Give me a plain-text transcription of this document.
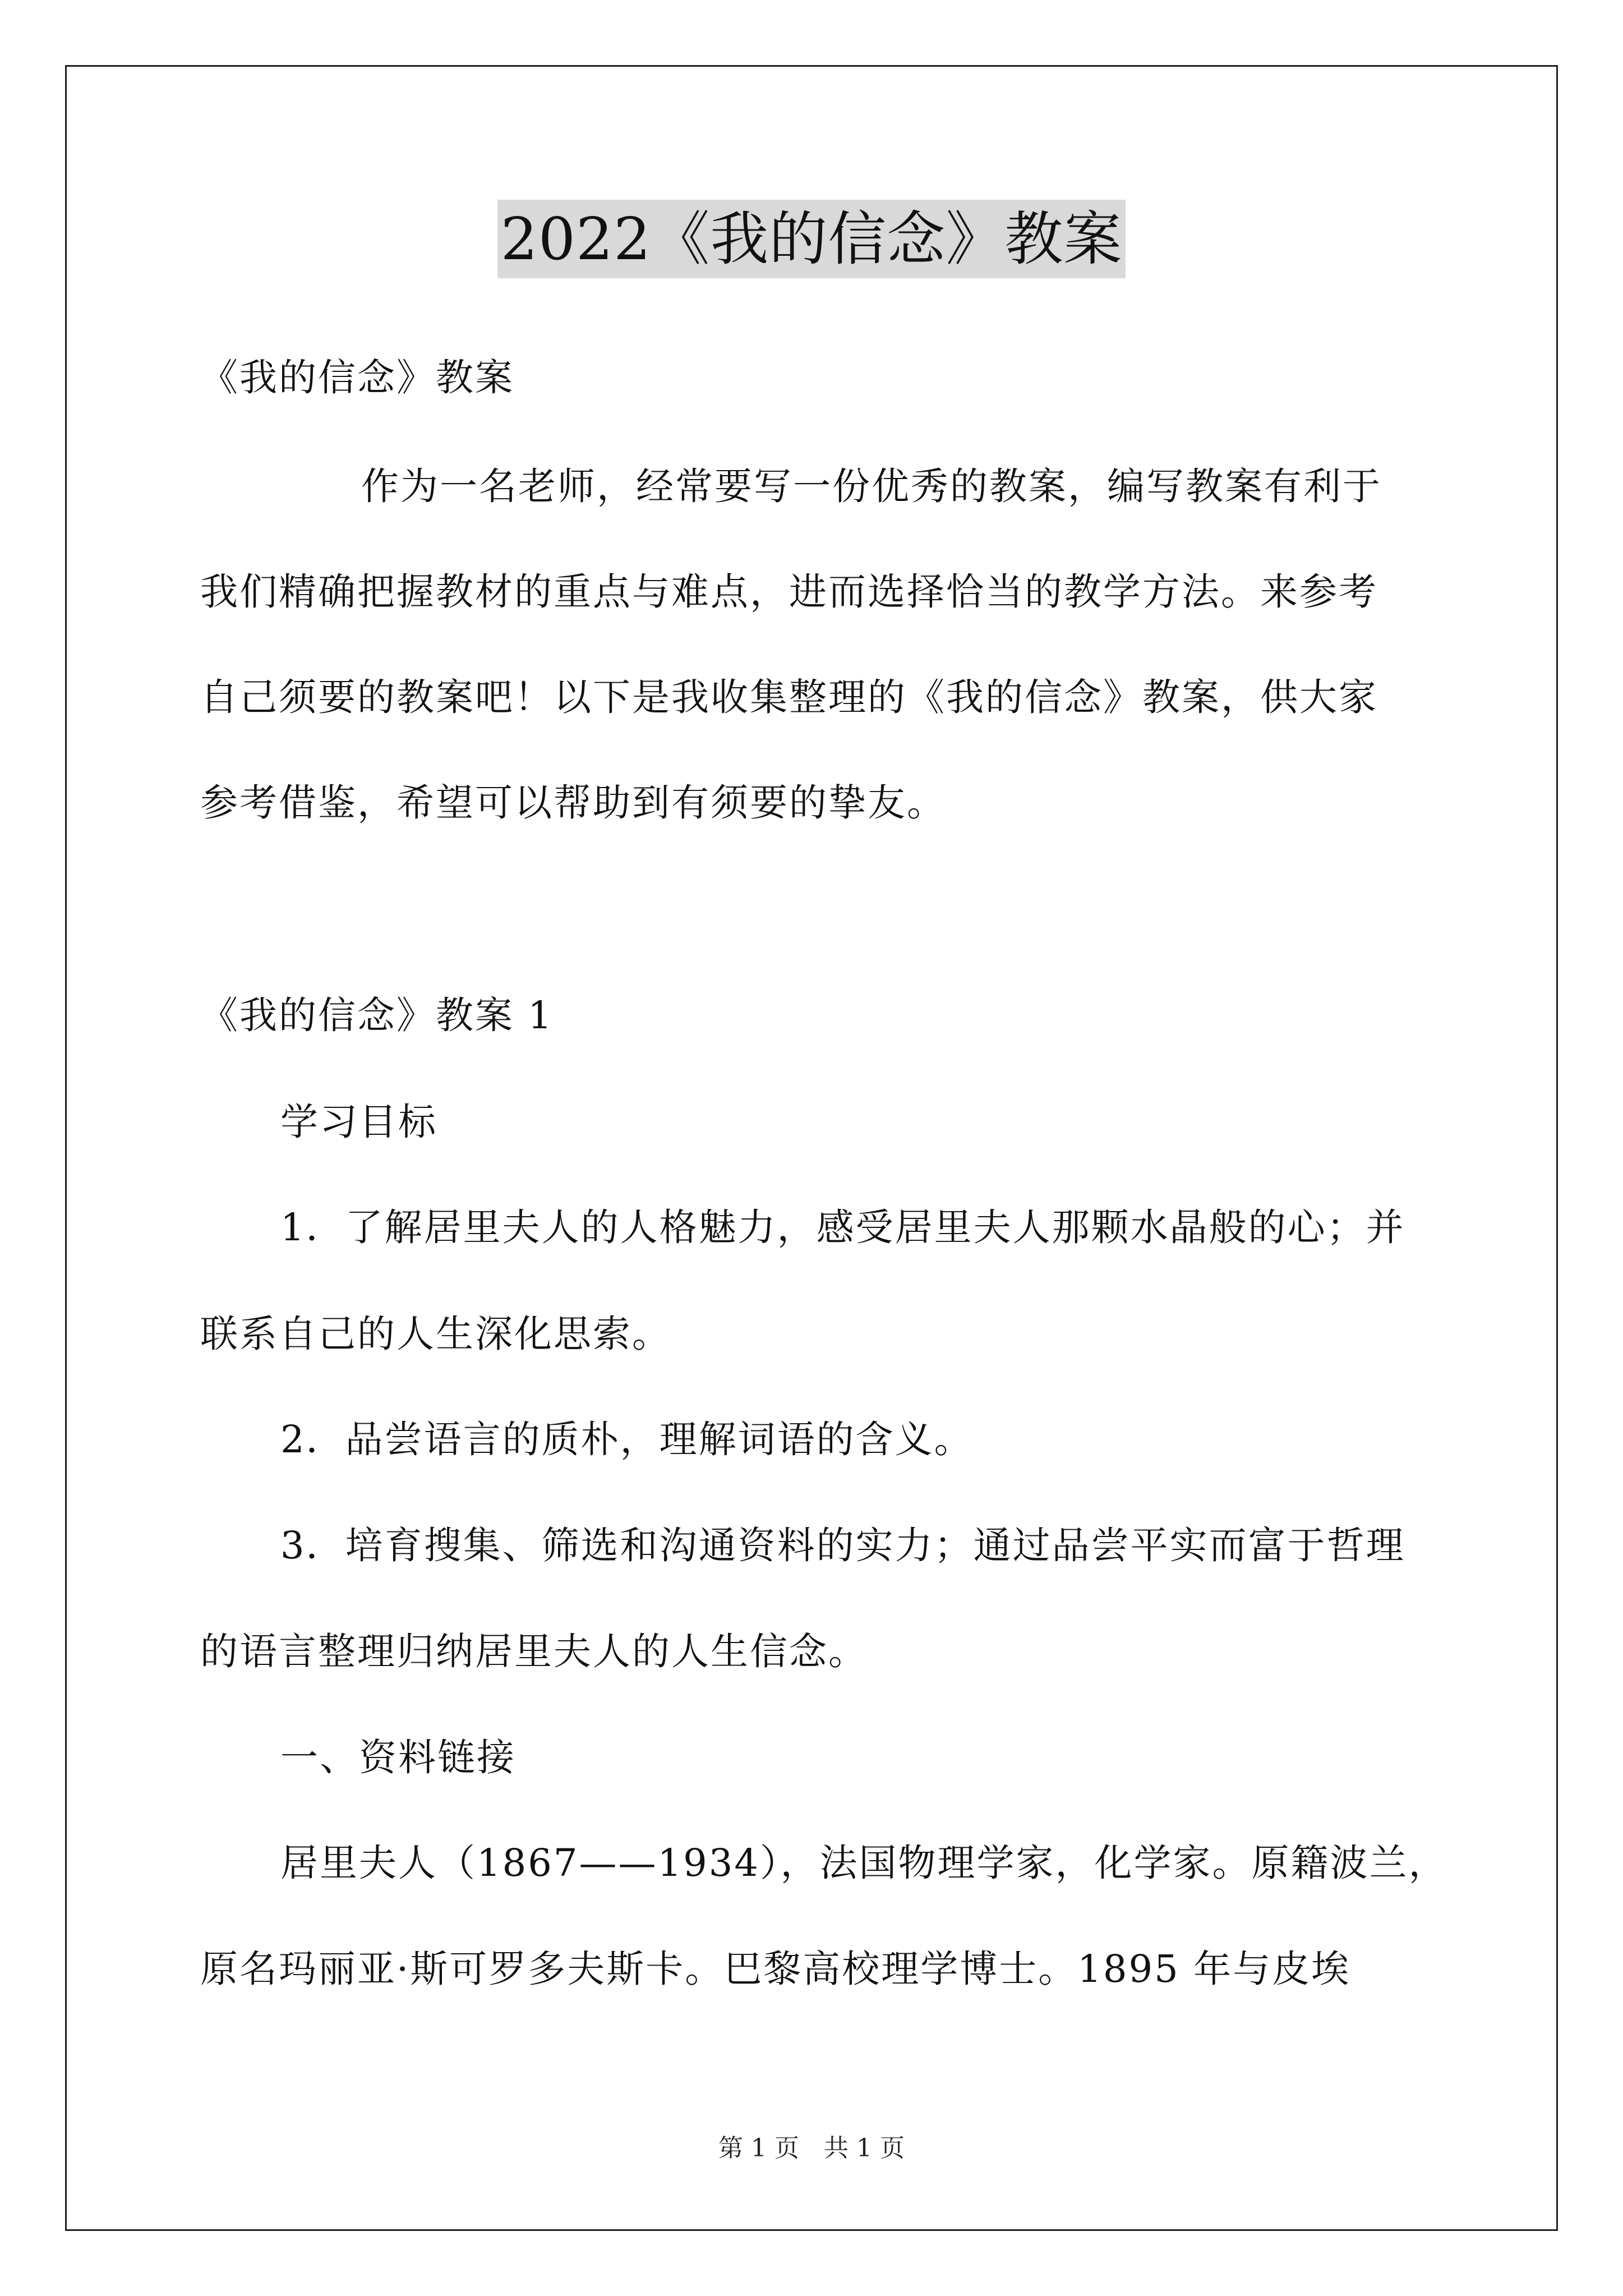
2022《我的信念》教案
《我的信念》教案
作为一名老师，经常要写一份优秀的教案，编写教案有利于
我们精确把握教材的重点与难点，进而选择恰当的教学方法。来参考
自己须要的教案吧！以下是我收集整理的《我的信念》教案，供大家
参考借鉴，希望可以帮助到有须要的挚友。
《我的信念》教案 1
学习目标
1．了解居里夫人的人格魅力，感受居里夫人那颗水晶般的心；并
联系自己的人生深化思索。
2．品尝语言的质朴，理解词语的含义。
3．培育搜集、筛选和沟通资料的实力；通过品尝平实而富于哲理
的语言整理归纳居里夫人的人生信念。
一、资料链接
居里夫人（1867——1934），法国物理学家，化学家。原籍波兰，
原名玛丽亚·斯可罗多夫斯卡。巴黎高校理学博士。1895 年与皮埃
第 1 页　共 1 页
